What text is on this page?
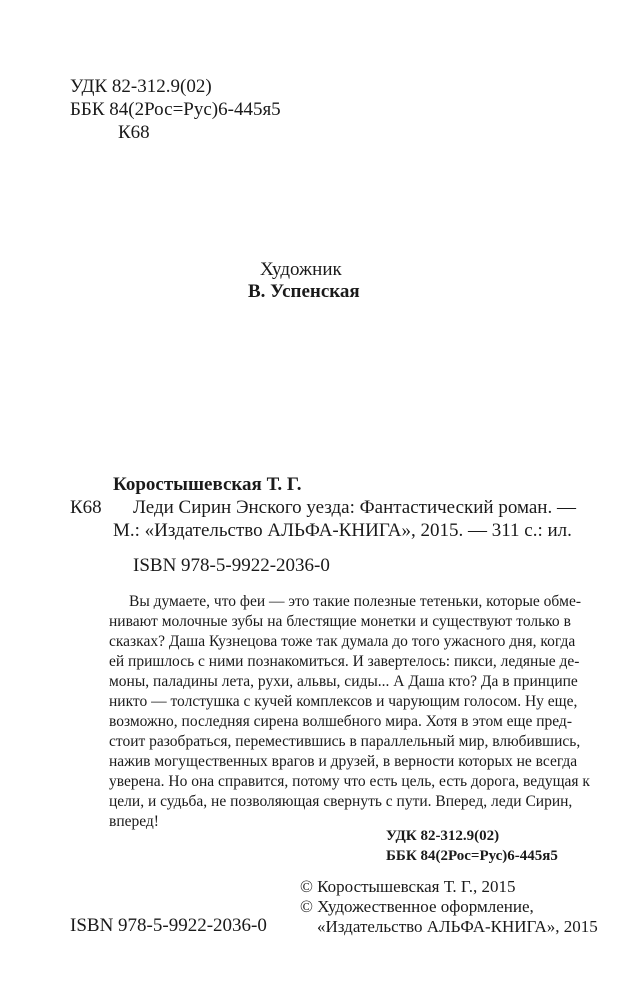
УДК 82-312.9(02)
ББК 84(2Рос=Рус)6-445я5
К68
Художник
В. Успенская
Коростышевская Т. Г.
К68 Леди Сирин Энского уезда: Фантастический роман. —
М.: «Издательство АЛЬФА-КНИГА», 2015. — 311 с.: ил.
ISBN 978-5-9922-2036-0
Вы думаете, что феи — это такие полезные тетеньки, которые обме-
нивают молочные зубы на блестящие монетки и существуют только в
сказках? Даша Кузнецова тоже так думала до того ужасного дня, когда
ей пришлось с ними познакомиться. И завертелось: пикси, ледяные де-
моны, паладины лета, рухи, альвы, сиды... А Даша кто? Да в принципе
никто — толстушка с кучей комплексов и чарующим голосом. Ну еще,
возможно, последняя сирена волшебного мира. Хотя в этом еще пред-
стоит разобраться, переместившись в параллельный мир, влюбившись,
нажив могущественных врагов и друзей, в верности которых не всегда
уверена. Но она справится, потому что есть цель, есть дорога, ведущая к
цели, и судьба, не позволяющая свернуть с пути. Вперед, леди Сирин,
вперед!
УДК 82-312.9(02)
ББК 84(2Рос=Рус)6-445я5
© Коростышевская Т. Г., 2015
© Художественное оформление,
«Издательство АЛЬФА-КНИГА», 2015
ISBN 978-5-9922-2036-0
